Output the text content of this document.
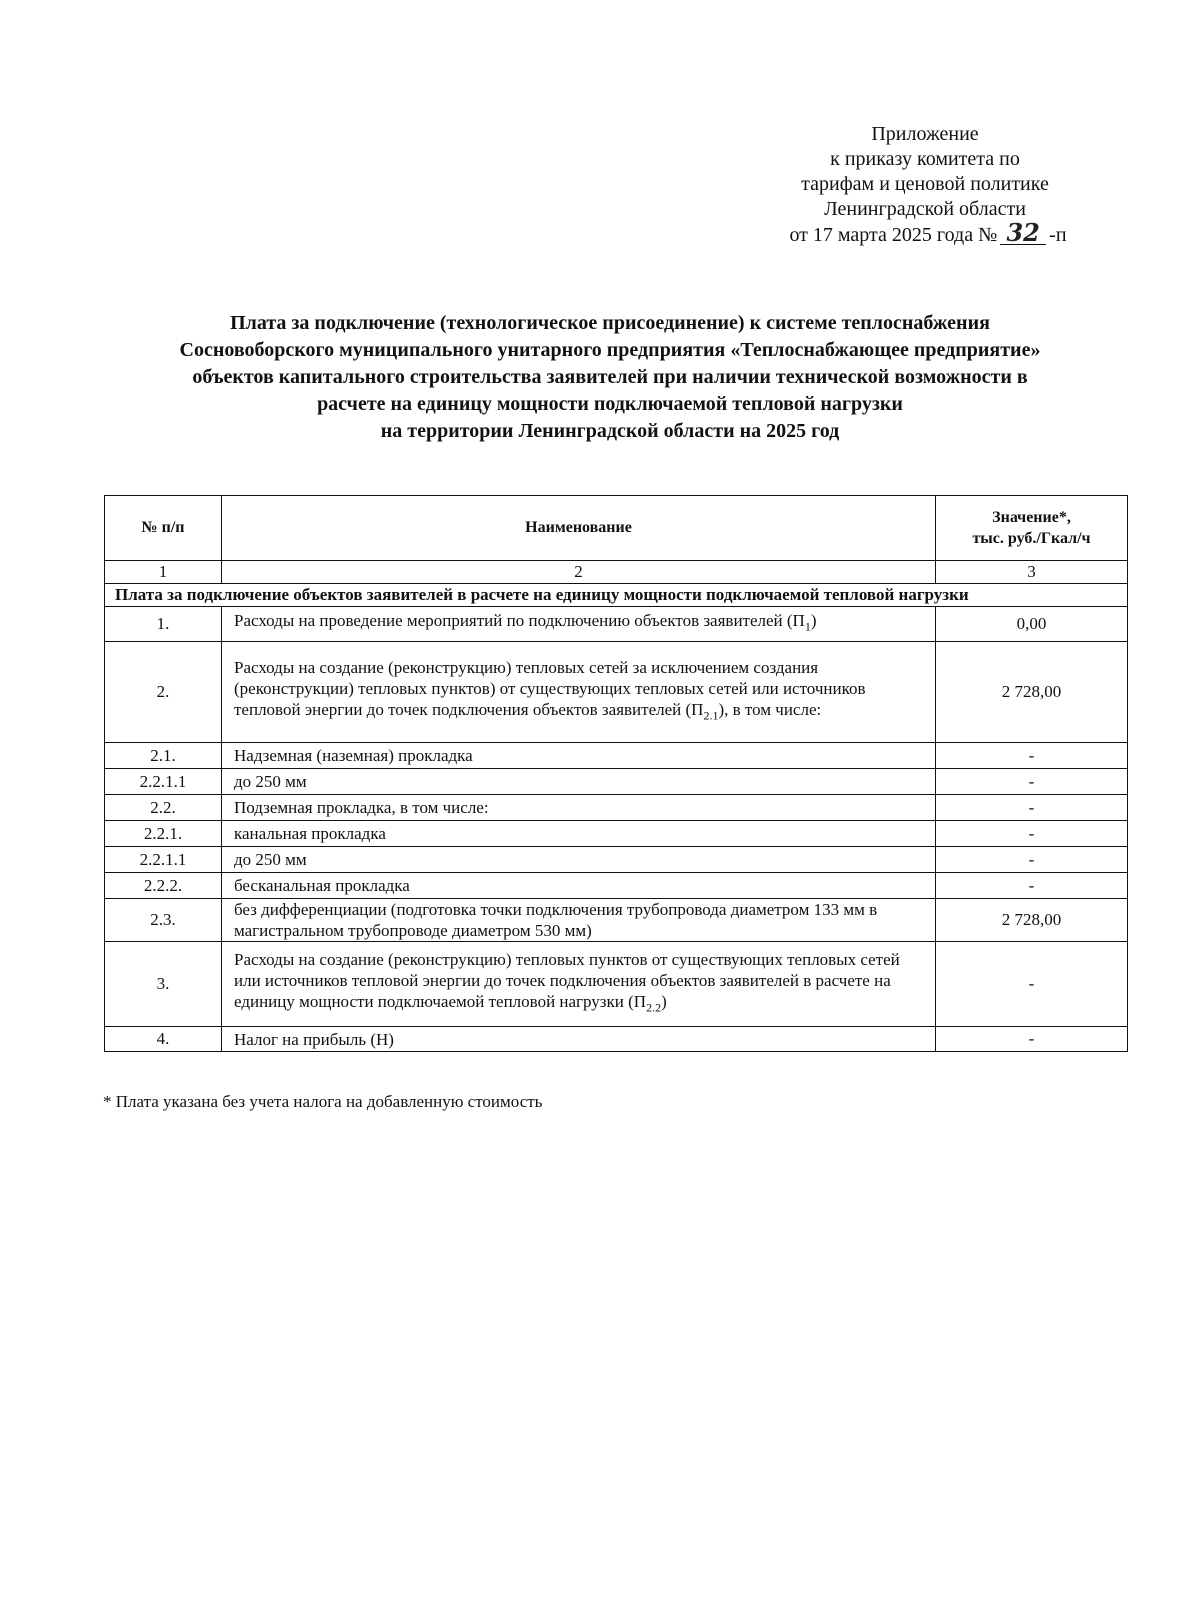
Приложение
к приказу комитета по
тарифам и ценовой политике
Ленинградской области
от 17 марта 2025 года № 32 -п
Плата за подключение (технологическое присоединение) к системе теплоснабжения
Сосновоборского муниципального унитарного предприятия «Теплоснабжающее предприятие»
объектов капитального строительства заявителей при наличии технической возможности в
расчете на единицу мощности подключаемой тепловой нагрузки
на территории Ленинградской области на 2025 год
№ п/п	Наименование	Значение*,
тыс. руб./Гкал/ч
1	2	3
Плата за подключение объектов заявителей в расчете на единицу мощности подключаемой тепловой нагрузки		
1.	Расходы на проведение мероприятий по подключению объектов заявителей $(П_1)$	0,00
2.	Расходы на создание (реконструкцию) тепловых сетей за исключением создания (реконструкции) тепловых пунктов) от существующих тепловых сетей или источников тепловой энергии до точек подключения объектов заявителей $(П_{2.1})$, в том числе:	2 728,00
2.1.	Надземная (наземная) прокладка	-
2.2.1.1	до 250 мм	-
2.2.	Подземная прокладка, в том числе:	-
2.2.1.	канальная прокладка	-
2.2.1.1	до 250 мм	-
2.2.2.	бесканальная прокладка	-
2.3.	без дифференциации (подготовка точки подключения трубопровода диаметром 133 мм в магистральном трубопроводе диаметром 530 мм)	2 728,00
3.	Расходы на создание (реконструкцию) тепловых пунктов от существующих тепловых сетей или источников тепловой энергии до точек подключения объектов заявителей в расчете на единицу мощности подключаемой тепловой нагрузки $(П_{2.2})$	-
4.	Налог на прибыль (Н)	-
* Плата указана без учета налога на добавленную стоимость
